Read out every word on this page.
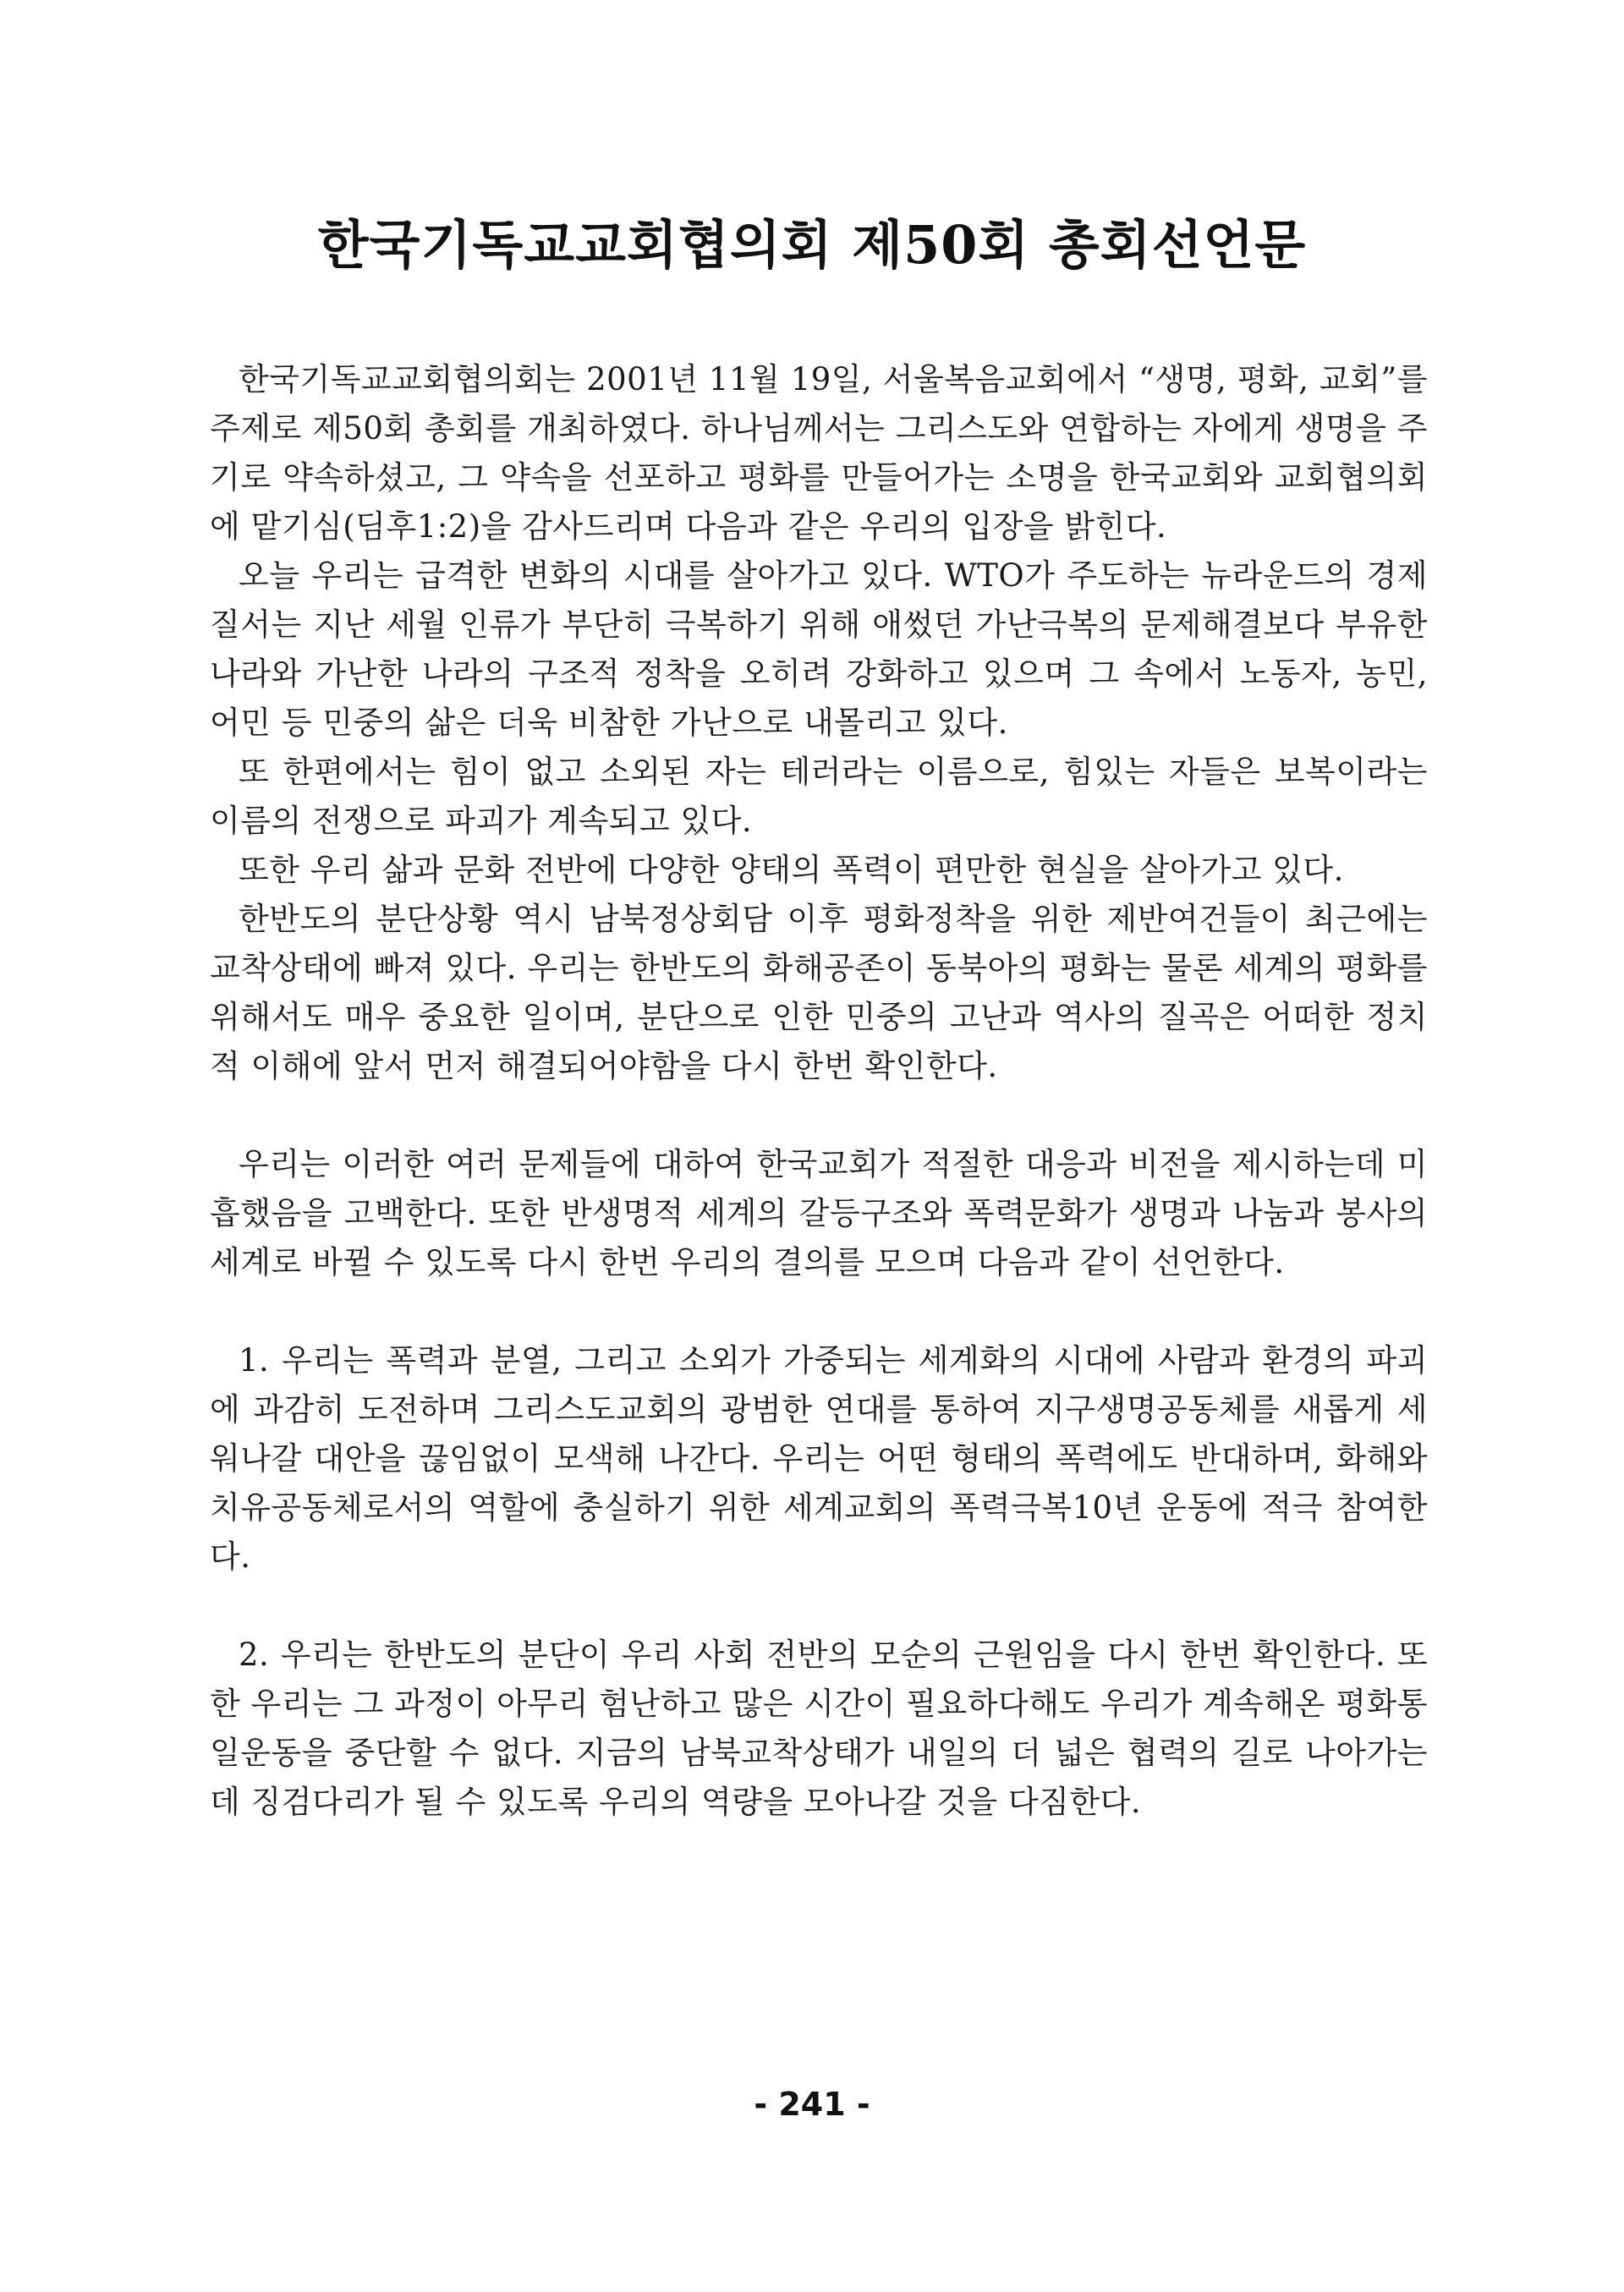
한국기독교교회협의회 제50회 총회선언문

한국기독교교회협의회는 2001년 11월 19일, 서울복음교회에서 “생명, 평화, 교회”를 주제로 제50회 총회를 개최하였다. 하나님께서는 그리스도와 연합하는 자에게 생명을 주기로 약속하셨고, 그 약속을 선포하고 평화를 만들어가는 소명을 한국교회와 교회협의회에 맡기심(딤후1:2)을 감사드리며 다음과 같은 우리의 입장을 밝힌다.

오늘 우리는 급격한 변화의 시대를 살아가고 있다. WTO가 주도하는 뉴라운드의 경제질서는 지난 세월 인류가 부단히 극복하기 위해 애썼던 가난극복의 문제해결보다 부유한 나라와 가난한 나라의 구조적 정착을 오히려 강화하고 있으며 그 속에서 노동자, 농민, 어민 등 민중의 삶은 더욱 비참한 가난으로 내몰리고 있다.

또 한편에서는 힘이 없고 소외된 자는 테러라는 이름으로, 힘있는 자들은 보복이라는 이름의 전쟁으로 파괴가 계속되고 있다.

또한 우리 삶과 문화 전반에 다양한 양태의 폭력이 편만한 현실을 살아가고 있다.

한반도의 분단상황 역시 남북정상회담 이후 평화정착을 위한 제반여건들이 최근에는 교착상태에 빠져 있다. 우리는 한반도의 화해공존이 동북아의 평화는 물론 세계의 평화를 위해서도 매우 중요한 일이며, 분단으로 인한 민중의 고난과 역사의 질곡은 어떠한 정치적 이해에 앞서 먼저 해결되어야함을 다시 한번 확인한다.

우리는 이러한 여러 문제들에 대하여 한국교회가 적절한 대응과 비전을 제시하는데 미흡했음을 고백한다. 또한 반생명적 세계의 갈등구조와 폭력문화가 생명과 나눔과 봉사의 세계로 바뀔 수 있도록 다시 한번 우리의 결의를 모으며 다음과 같이 선언한다.

1. 우리는 폭력과 분열, 그리고 소외가 가중되는 세계화의 시대에 사람과 환경의 파괴에 과감히 도전하며 그리스도교회의 광범한 연대를 통하여 지구생명공동체를 새롭게 세워나갈 대안을 끊임없이 모색해 나간다. 우리는 어떤 형태의 폭력에도 반대하며, 화해와 치유공동체로서의 역할에 충실하기 위한 세계교회의 폭력극복10년 운동에 적극 참여한다.

2. 우리는 한반도의 분단이 우리 사회 전반의 모순의 근원임을 다시 한번 확인한다. 또한 우리는 그 과정이 아무리 험난하고 많은 시간이 필요하다해도 우리가 계속해온 평화통일운동을 중단할 수 없다. 지금의 남북교착상태가 내일의 더 넓은 협력의 길로 나아가는데 징검다리가 될 수 있도록 우리의 역량을 모아나갈 것을 다짐한다.

- 241 -
